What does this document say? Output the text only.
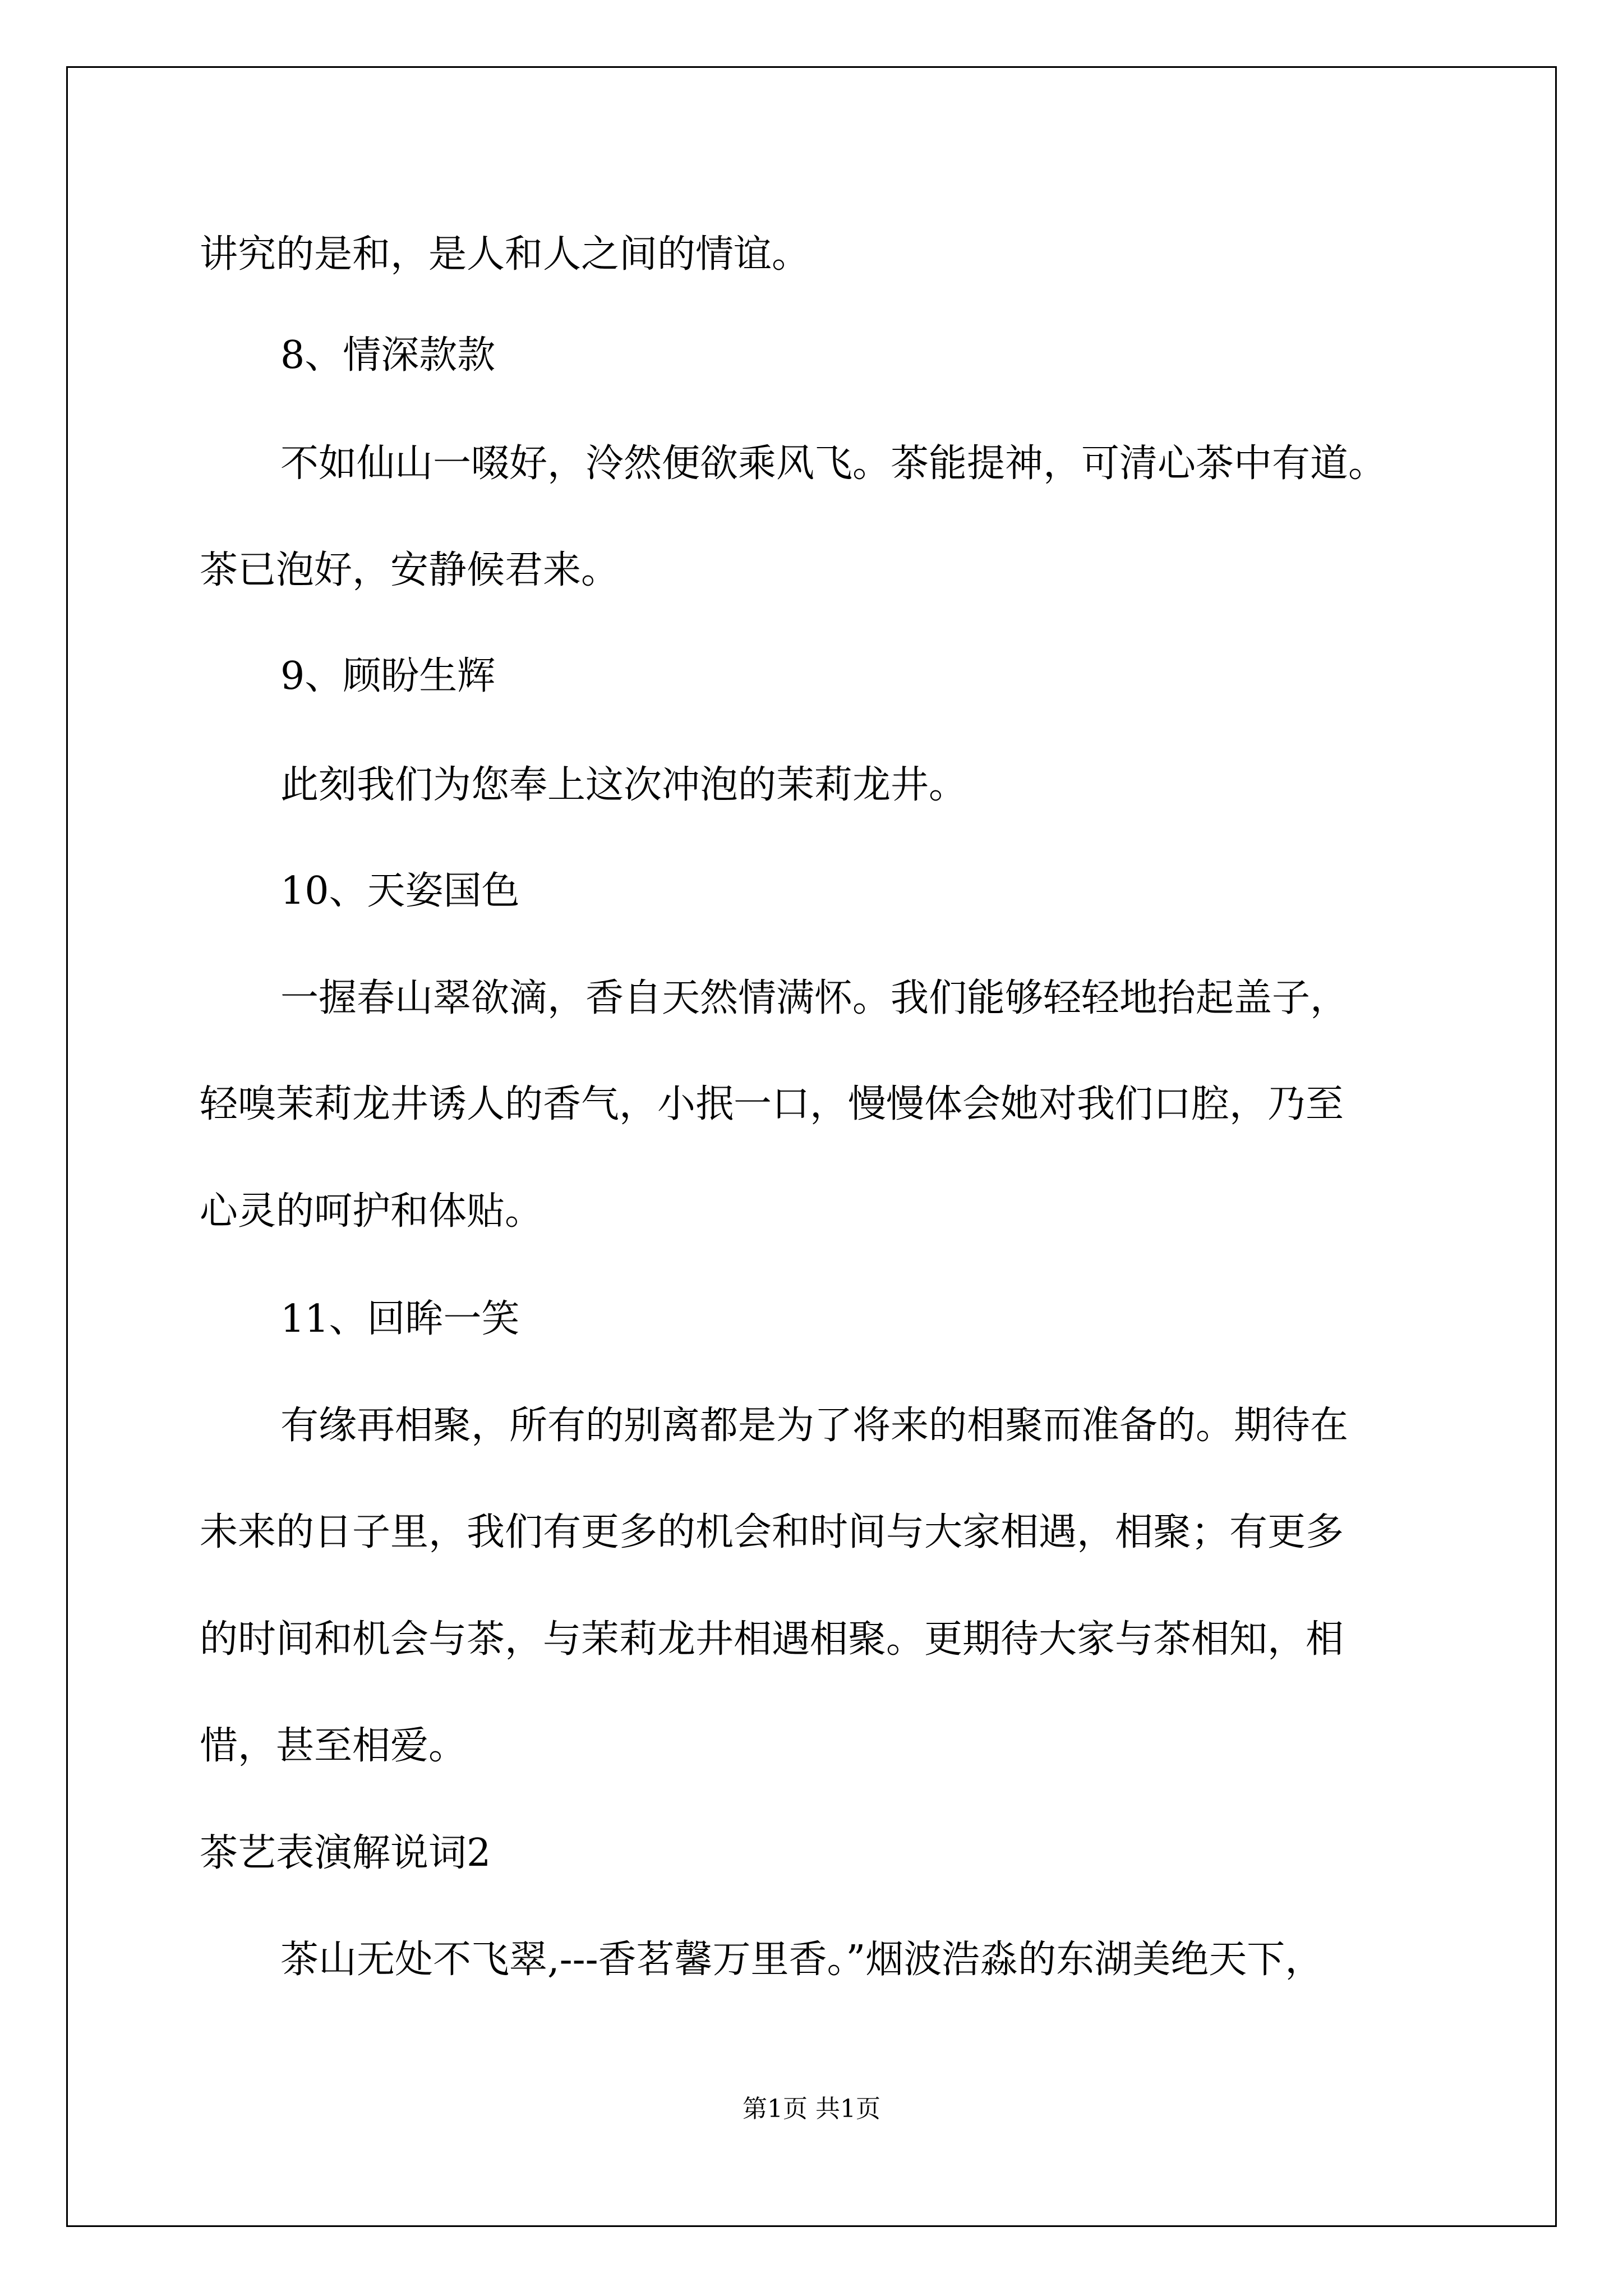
讲究的是和，是人和人之间的情谊。
8、情深款款
不如仙山一啜好，泠然便欲乘风飞。茶能提神，可清心茶中有道。
茶已泡好，安静候君来。
9、顾盼生辉
此刻我们为您奉上这次冲泡的茉莉龙井。
10、天姿国色
一握春山翠欲滴，香自天然情满怀。我们能够轻轻地抬起盖子，
轻嗅茉莉龙井诱人的香气，小抿一口，慢慢体会她对我们口腔，乃至
心灵的呵护和体贴。
11、回眸一笑
有缘再相聚，所有的别离都是为了将来的相聚而准备的。期待在
未来的日子里，我们有更多的机会和时间与大家相遇，相聚；有更多
的时间和机会与茶，与茉莉龙井相遇相聚。更期待大家与茶相知，相
惜，甚至相爱。
茶艺表演解说词2
茶山无处不飞翠,---香茗馨万里香。”烟波浩淼的东湖美绝天下，
第1页 共1页
